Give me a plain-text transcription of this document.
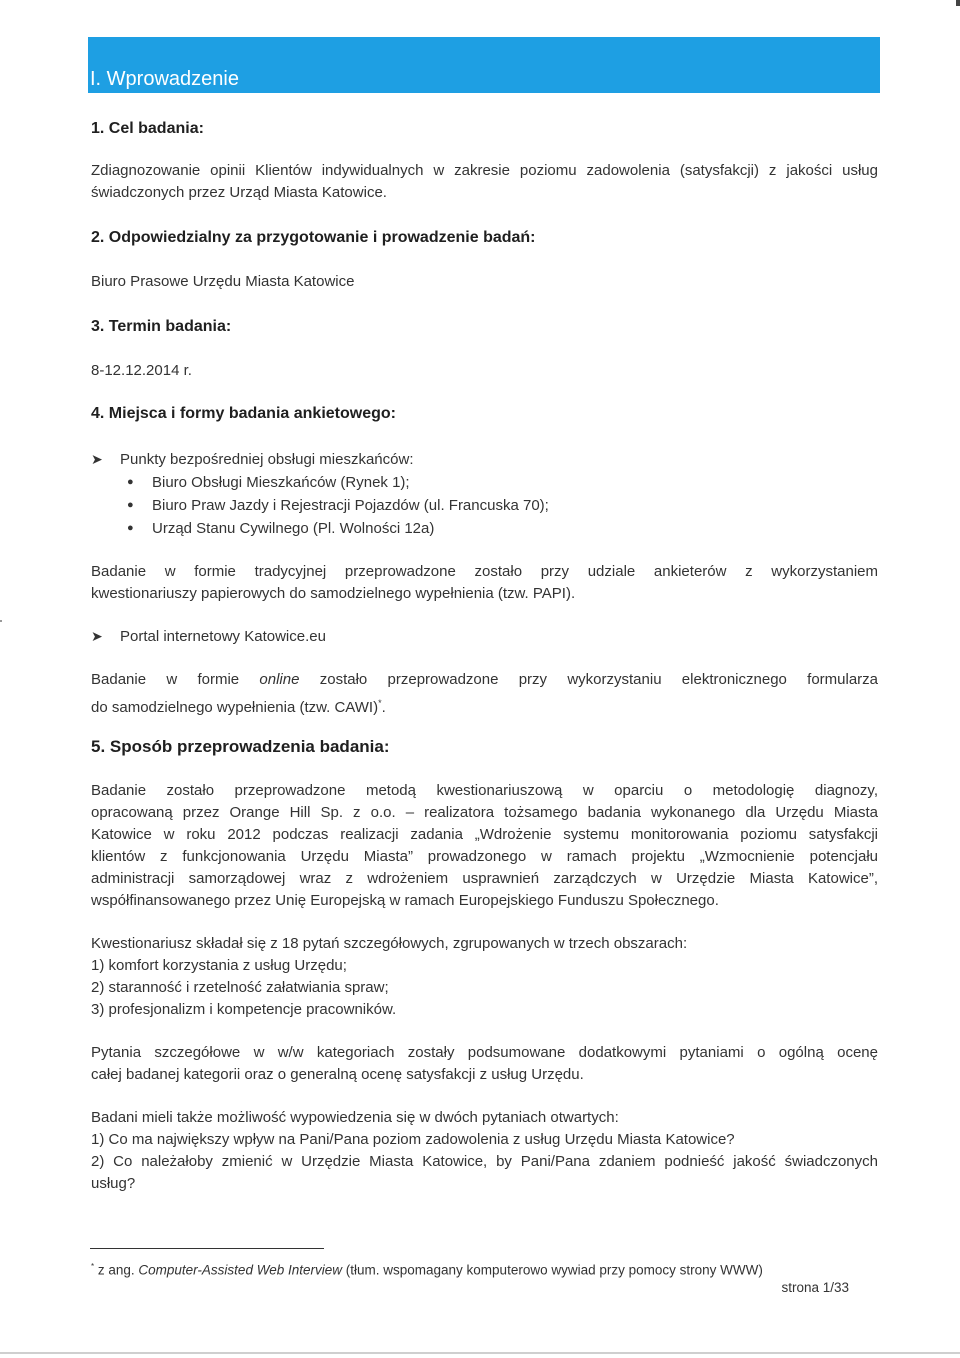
I. Wprowadzenie
1. Cel badania:

Zdiagnozowanie opinii Klientów indywidualnych w zakresie poziomu zadowolenia (satysfakcji) z jakości usług

świadczonych przez Urząd Miasta Katowice.

2. Odpowiedzialny za przygotowanie i prowadzenie badań:

Biuro Prasowe Urzędu Miasta Katowice

3. Termin badania:

8-12.12.2014 r.

4. Miejsca i formy badania ankietowego:
➤ Punkty bezpośredniej obsługi mieszkańców:

● Biuro Obsługi Mieszkańców (Rynek 1);

● Biuro Praw Jazdy i Rejestracji Pojazdów (ul. Francuska 70);

● Urząd Stanu Cywilnego (Pl. Wolności 12a)

Badanie w formie tradycyjnej przeprowadzone zostało przy udziale ankieterów z wykorzystaniem

kwestionariuszy papierowych do samodzielnego wypełnienia (tzw. PAPI).

➤ Portal internetowy Katowice.eu

Badanie w formie online zostało przeprowadzone przy wykorzystaniu elektronicznego formularza

do samodzielnego wypełnienia (tzw. CAWI)*.

5. Sposób przeprowadzenia badania:

Badanie zostało przeprowadzone metodą kwestionariuszową w oparciu o metodologię diagnozy,

opracowaną przez Orange Hill Sp. z o.o. – realizatora tożsamego badania wykonanego dla Urzędu Miasta

Katowice w roku 2012 podczas realizacji zadania „Wdrożenie systemu monitorowania poziomu satysfakcji

klientów z funkcjonowania Urzędu Miasta” prowadzonego w ramach projektu „Wzmocnienie potencjału

administracji samorządowej wraz z wdrożeniem usprawnień zarządczych w Urzędzie Miasta Katowice”,

współfinansowanego przez Unię Europejską w ramach Europejskiego Funduszu Społecznego.

Kwestionariusz składał się z 18 pytań szczegółowych, zgrupowanych w trzech obszarach:

1) komfort korzystania z usług Urzędu;

2) staranność i rzetelność załatwiania spraw;

3) profesjonalizm i kompetencje pracowników.

Pytania szczegółowe w w/w kategoriach zostały podsumowane dodatkowymi pytaniami o ogólną ocenę

całej badanej kategorii oraz o generalną ocenę satysfakcji z usług Urzędu.

Badani mieli także możliwość wypowiedzenia się w dwóch pytaniach otwartych:

1) Co ma największy wpływ na Pani/Pana poziom zadowolenia z usług Urzędu Miasta Katowice?

2) Co należałoby zmienić w Urzędzie Miasta Katowice, by Pani/Pana zdaniem podnieść jakość świadczonych

usług?

* z ang. Computer-Assisted Web Interview (tłum. wspomagany komputerowo wywiad przy pomocy strony WWW)

strona 1/33
